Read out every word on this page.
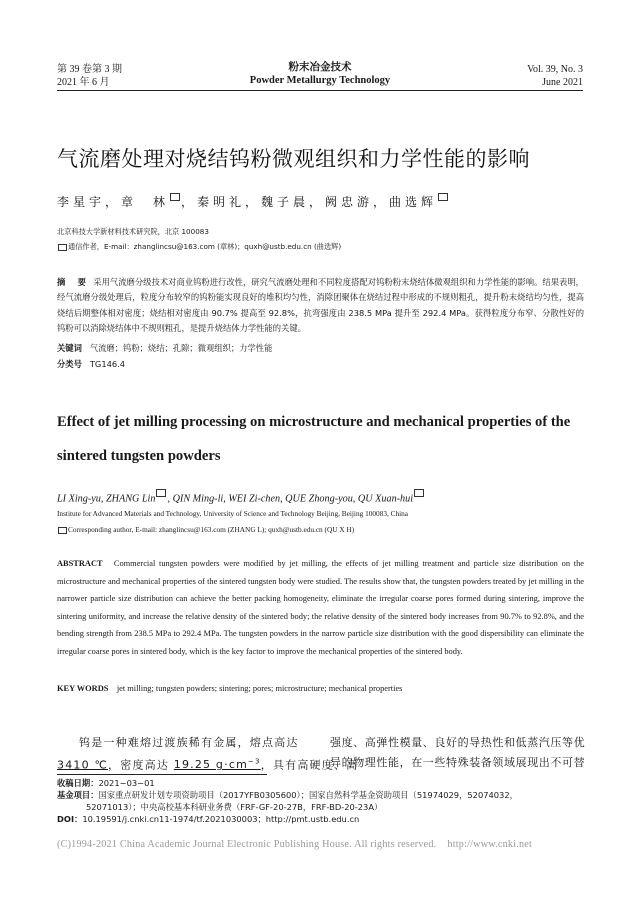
第 39 卷第 3 期
2021 年 6 月
粉末冶金技术
Powder Metallurgy Technology
Vol. 39, No. 3
June 2021
气流磨处理对烧结钨粉微观组织和力学性能的影响
李星宇，章　林 ，秦明礼，魏子晨，阙忠游，曲选辉
北京科技大学新材料技术研究院，北京 100083
通信作者，E-mail：zhanglincsu@163.com (章林)；quxh@ustb.edu.cn (曲选辉)
摘　要 采用气流磨分级技术对商业钨粉进行改性，研究气流磨处理和不同粒度搭配对钨粉粉末烧结体微观组织和力学性能的影响。结果表明，经气流磨分级处理后，粒度分布较窄的钨粉能实现良好的堆积均匀性，消除团聚体在烧结过程中形成的不规则粗孔，提升粉末烧结均匀性，提高烧结后期整体相对密度；烧结相对密度由 90.7% 提高至 92.8%，抗弯强度由 238.5 MPa 提升至 292.4 MPa。获得粒度分布窄、分散性好的钨粉可以消除烧结体中不规则粗孔，是提升烧结体力学性能的关键。
关键词 气流磨；钨粉；烧结；孔隙；微观组织；力学性能
分类号 TG146.4
Effect of jet milling processing on microstructure and mechanical properties of the sintered tungsten powders
LI Xing-yu, ZHANG Lin , QIN Ming-li, WEI Zi-chen, QUE Zhong-you, QU Xuan-hui
Institute for Advanced Materials and Technology, University of Science and Technology Beijing, Beijing 100083, China
Corresponding author, E-mail: zhanglincsu@163.com (ZHANG L); quxh@ustb.edu.cn (QU X H)
ABSTRACT Commercial tungsten powders were modified by jet milling, the effects of jet milling treatment and particle size distribution on the microstructure and mechanical properties of the sintered tungsten body were studied. The results show that, the tungsten powders treated by jet milling in the narrower particle size distribution can achieve the better packing homogeneity, eliminate the irregular coarse pores formed during sintering, improve the sintering uniformity, and increase the relative density of the sintered body; the relative density of the sintered body increases from 90.7% to 92.8%, and the bending strength from 238.5 MPa to 292.4 MPa. The tungsten powders in the narrow particle size distribution with the good dispersibility can eliminate the irregular coarse pores in sintered body, which is the key factor to improve the mechanical properties of the sintered body.
KEY WORDS jet milling; tungsten powders; sintering; pores; microstructure; mechanical properties
钨是一种难熔过渡族稀有金属，熔点高达
3410 ℃，密度高达 19.25 $g\cdot cm^{-3}$，具有高硬度、高
强度、高弹性模量、良好的导热性和低蒸汽压等优
异的物理性能，在一些特殊装备领域展现出不可替
收稿日期：2021−03−01
基金项目：国家重点研发计划专项资助项目（2017YFB0305600）；国家自然科学基金资助项目（51974029，52074032，
52071013）；中央高校基本科研业务费（FRF-GF-20-27B，FRF-BD-20-23A）
DOI：10.19591/j.cnki.cn11-1974/tf.2021030003；http://pmt.ustb.edu.cn
(C)1994-2021 China Academic Journal Electronic Publishing House. All rights reserved.    http://www.cnki.net
